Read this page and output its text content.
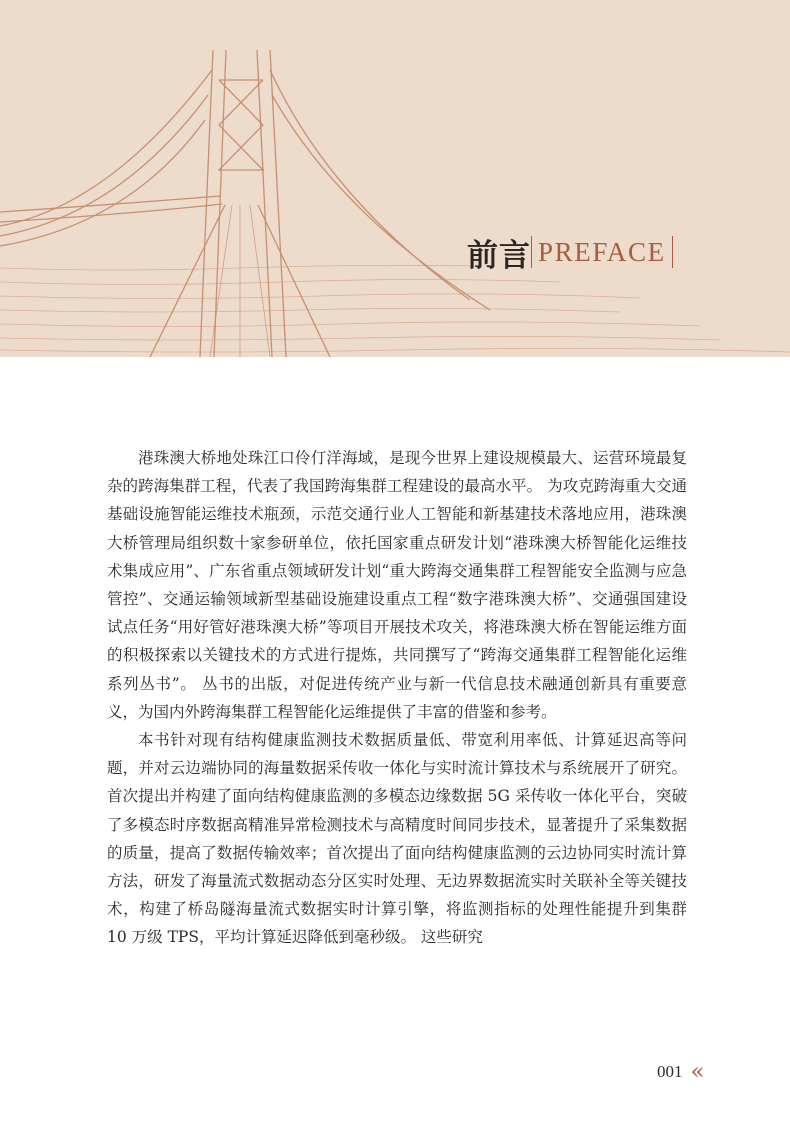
前言 PREFACE

港珠澳大桥地处珠江口伶仃洋海域，是现今世界上建设规模最大、运营环境最复杂的跨海集群工程，代表了我国跨海集群工程建设的最高水平。 为攻克跨海重大交通基础设施智能运维技术瓶颈，示范交通行业人工智能和新基建技术落地应用，港珠澳大桥管理局组织数十家参研单位，依托国家重点研发计划“港珠澳大桥智能化运维技术集成应用”、广东省重点领域研发计划“重大跨海交通集群工程智能安全监测与应急管控”、交通运输领域新型基础设施建设重点工程“数字港珠澳大桥”、交通强国建设试点任务“用好管好港珠澳大桥”等项目开展技术攻关，将港珠澳大桥在智能运维方面的积极探索以关键技术的方式进行提炼，共同撰写了“跨海交通集群工程智能化运维系列丛书”。 丛书的出版，对促进传统产业与新一代信息技术融通创新具有重要意义，为国内外跨海集群工程智能化运维提供了丰富的借鉴和参考。

本书针对现有结构健康监测技术数据质量低、带宽利用率低、计算延迟高等问题，并对云边端协同的海量数据采传收一体化与实时流计算技术与系统展开了研究。 首次提出并构建了面向结构健康监测的多模态边缘数据 5G 采传收一体化平台，突破了多模态时序数据高精准异常检测技术与高精度时间同步技术，显著提升了采集数据的质量，提高了数据传输效率；首次提出了面向结构健康监测的云边协同实时流计算方法，研发了海量流式数据动态分区实时处理、无边界数据流实时关联补全等关键技术，构建了桥岛隧海量流式数据实时计算引擎，将监测指标的处理性能提升到集群 10 万级 TPS，平均计算延迟降低到毫秒级。 这些研究

001 «
